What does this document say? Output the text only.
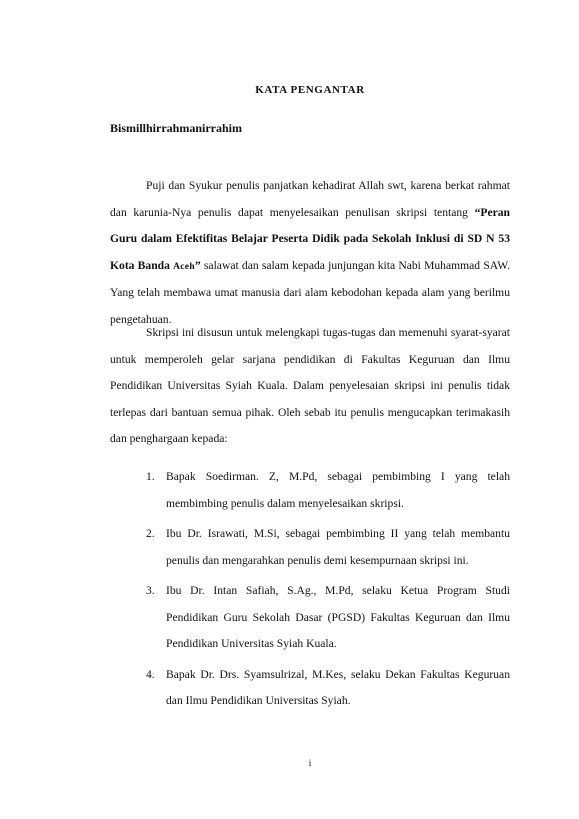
KATA PENGANTAR
Bismillhirrahmanirrahim

Puji dan Syukur penulis panjatkan kehadirat Allah swt, karena berkat rahmat dan karunia-Nya penulis dapat menyelesaikan penulisan skripsi tentang “Peran Guru dalam Efektifitas Belajar Peserta Didik pada Sekolah Inklusi di SD N 53 Kota Banda Aceh” salawat dan salam kepada junjungan kita Nabi Muhammad SAW. Yang telah membawa umat manusia dari alam kebodohan kepada alam yang berilmu pengetahuan.

Skripsi ini disusun untuk melengkapi tugas-tugas dan memenuhi syarat-syarat untuk memperoleh gelar sarjana pendidikan di Fakultas Keguruan dan Ilmu Pendidikan Universitas Syiah Kuala. Dalam penyelesaian skripsi ini penulis tidak terlepas dari bantuan semua pihak. Oleh sebab itu penulis mengucapkan terimakasih dan penghargaan kepada:

1. Bapak Soedirman. Z, M.Pd, sebagai pembimbing I yang telah membimbing penulis dalam menyelesaikan skripsi.
2. Ibu Dr. Israwati, M.Si, sebagai pembimbing II yang telah membantu penulis dan mengarahkan penulis demi kesempurnaan skripsi ini.
3. Ibu Dr. Intan Safiah, S.Ag., M.Pd, selaku Ketua Program Studi Pendidikan Guru Sekolah Dasar (PGSD) Fakultas Keguruan dan Ilmu Pendidikan Universitas Syiah Kuala.
4. Bapak Dr. Drs. Syamsulrizal, M.Kes, selaku Dekan Fakultas Keguruan dan Ilmu Pendidikan Universitas Syiah.
i
